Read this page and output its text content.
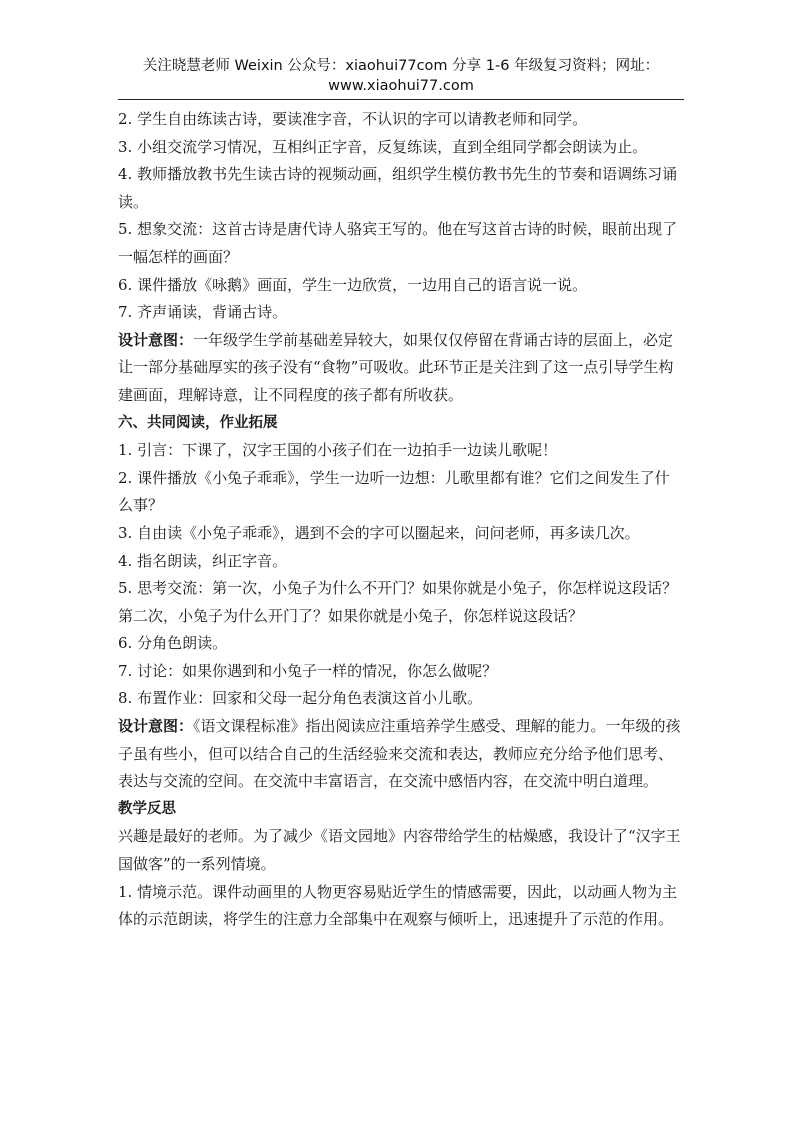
关注晓慧老师 Weixin 公众号：xiaohui77com 分享 1-6 年级复习资料；网址：
www.xiaohui77.com

2. 学生自由练读古诗，要读准字音，不认识的字可以请教老师和同学。

3. 小组交流学习情况，互相纠正字音，反复练读，直到全组同学都会朗读为止。

4. 教师播放教书先生读古诗的视频动画，组织学生模仿教书先生的节奏和语调练习诵读。

5. 想象交流：这首古诗是唐代诗人骆宾王写的。他在写这首古诗的时候，眼前出现了一幅怎样的画面？

6. 课件播放《咏鹅》画面，学生一边欣赏，一边用自己的语言说一说。

7. 齐声诵读，背诵古诗。

设计意图：一年级学生学前基础差异较大，如果仅仅停留在背诵古诗的层面上，必定让一部分基础厚实的孩子没有“食物”可吸收。此环节正是关注到了这一点引导学生构建画面，理解诗意，让不同程度的孩子都有所收获。

六、共同阅读，作业拓展

1. 引言：下课了，汉字王国的小孩子们在一边拍手一边读儿歌呢！

2. 课件播放《小兔子乖乖》，学生一边听一边想：儿歌里都有谁？它们之间发生了什么事？

3. 自由读《小兔子乖乖》，遇到不会的字可以圈起来，问问老师，再多读几次。

4. 指名朗读，纠正字音。

5. 思考交流：第一次，小兔子为什么不开门？如果你就是小兔子，你怎样说这段话？第二次，小兔子为什么开门了？如果你就是小兔子，你怎样说这段话？

6. 分角色朗读。

7. 讨论：如果你遇到和小兔子一样的情况，你怎么做呢？

8. 布置作业：回家和父母一起分角色表演这首小儿歌。

设计意图：《语文课程标准》指出阅读应注重培养学生感受、理解的能力。一年级的孩子虽有些小，但可以结合自己的生活经验来交流和表达，教师应充分给予他们思考、表达与交流的空间。在交流中丰富语言，在交流中感悟内容，在交流中明白道理。

教学反思

兴趣是最好的老师。为了减少《语文园地》内容带给学生的枯燥感，我设计了“汉字王国做客”的一系列情境。

1. 情境示范。课件动画里的人物更容易贴近学生的情感需要，因此，以动画人物为主体的示范朗读，将学生的注意力全部集中在观察与倾听上，迅速提升了示范的作用。
